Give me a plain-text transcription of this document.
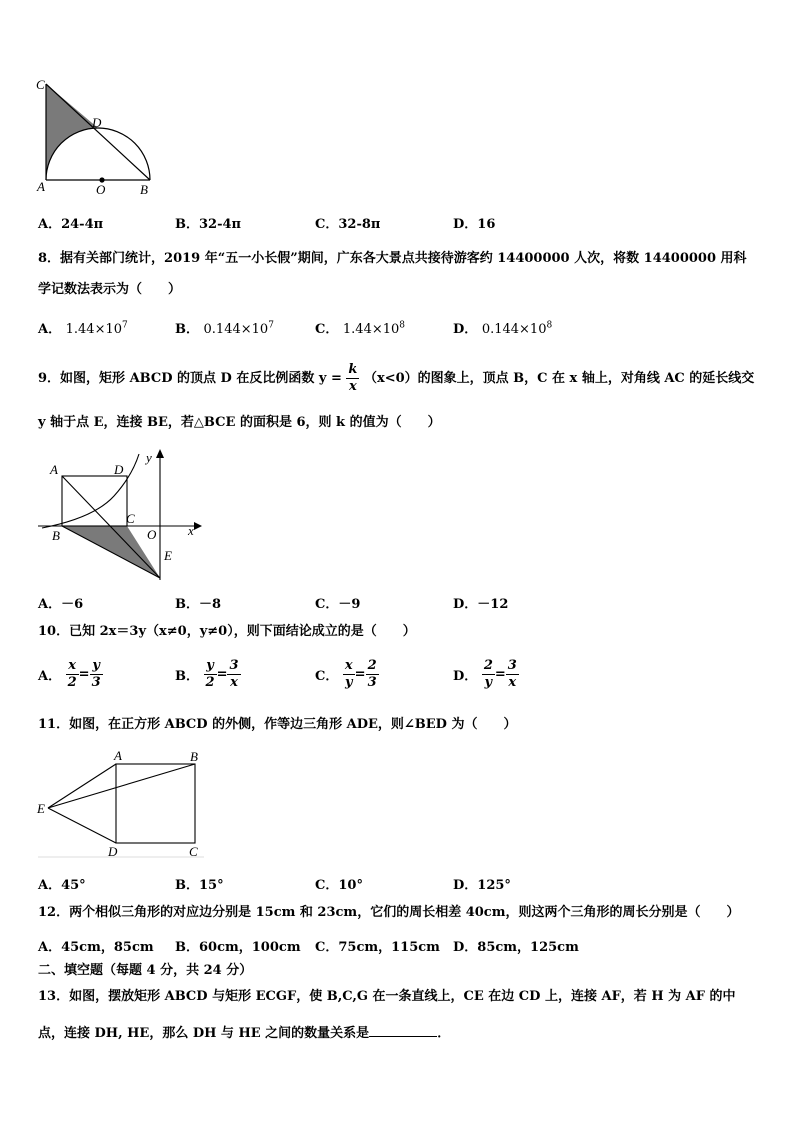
C
D
A	O	B
A．24-4π	B．32-4π	C．32-8π	D．16
8．据有关部门统计，2019 年“五一小长假”期间，广东各大景点共接待游客约 14400000 人次，将数 14400000 用科
学记数法表示为（　　）
A． $1.44\times 10^7$	B． $0.144\times 10^7$	C． $1.44\times 10^8$	D． $0.144\times 10^8$
9．如图，矩形 ABCD 的顶点 D 在反比例函数 $y = \frac{k}{x} (x<0)$的图象上，顶点 B，C 在 x 轴上，对角线 AC 的延长线交
y 轴于点 E，连接 BE，若△BCE 的面积是 6，则 k 的值为（　　）
A	D
y
C
O x
B
E
A．－6	B．－8	C．－9	D．－12
10．已知 2x＝3y（x≠0，y≠0），则下面结论成立的是（　　）
A． $\frac{x}{2} = \frac{y}{3}$	B． $\frac{y}{2} = \frac{3}{x}$	C． $\frac{x}{y} = \frac{2}{3}$	D． $\frac{2}{y} = \frac{3}{x}$
11．如图，在正方形 ABCD 的外侧，作等边三角形 ADE，则∠BED 为（　　）
A	B
E
D	C
A．45°	B．15°	C．10°	D．125°
12．两个相似三角形的对应边分别是 15cm 和 23cm，它们的周长相差 40cm，则这两个三角形的周长分别是（　　）
A．45cm，85cm B．60cm，100cm C．75cm，115cm D．85cm，125cm
二、填空题（每题 4 分，共 24 分）
13．如图，摆放矩形 ABCD 与矩形 ECGF，使 B,C,G 在一条直线上，CE 在边 CD 上，连接 AF，若 H 为 AF 的中
点，连接 DH, HE，那么 DH 与 HE 之间的数量关系是	．
